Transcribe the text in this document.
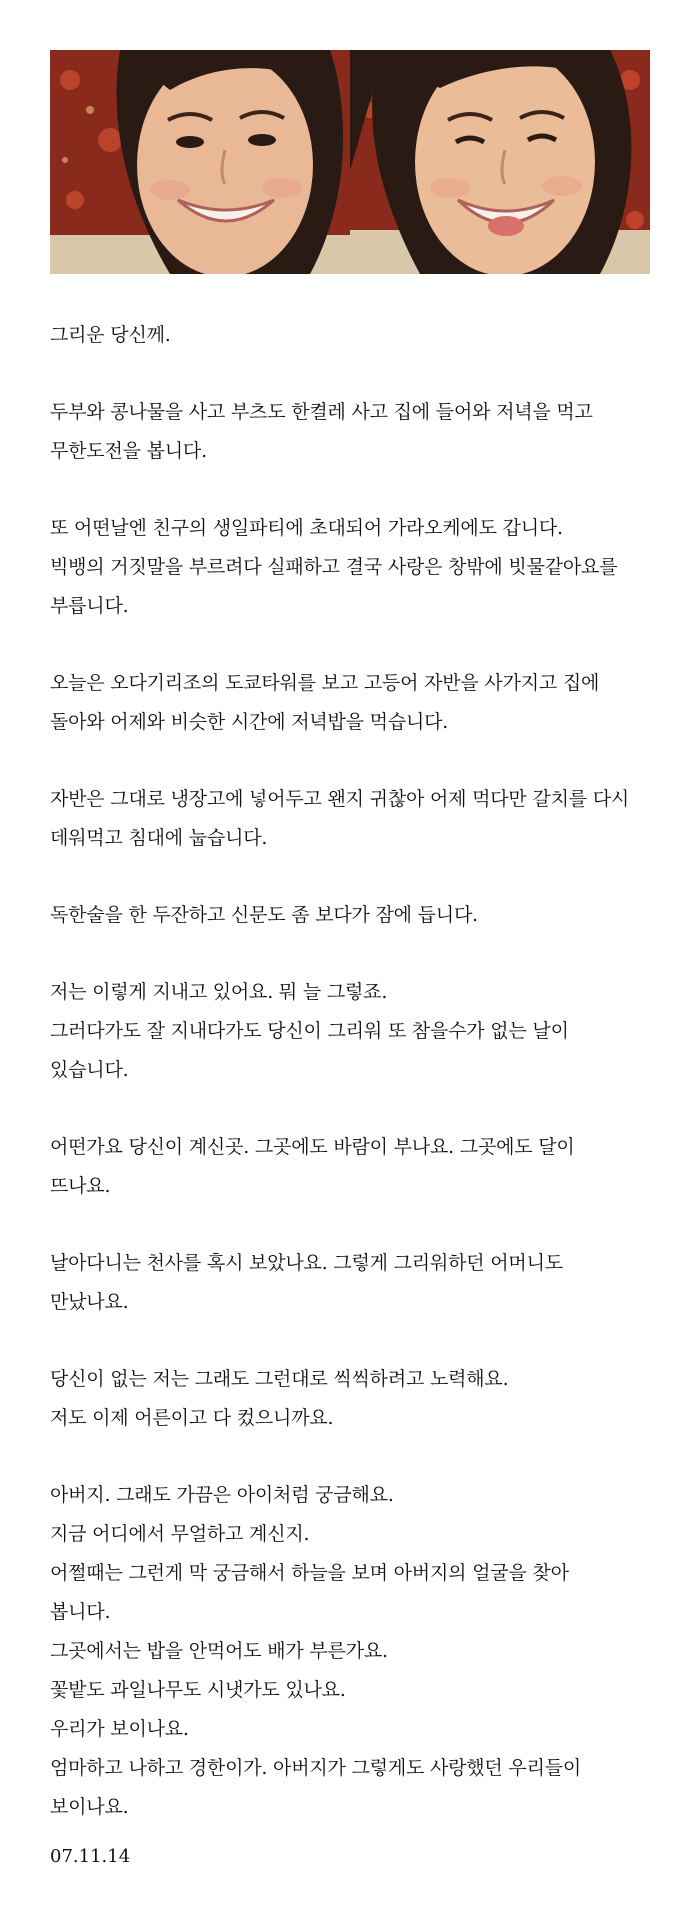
그리운 당신께.

두부와 콩나물을 사고 부츠도 한켤레 사고 집에 들어와 저녁을 먹고
무한도전을 봅니다.

또 어떤날엔 친구의 생일파티에 초대되어 가라오케에도 갑니다.
빅뱅의 거짓말을 부르려다 실패하고 결국 사랑은 창밖에 빗물같아요를
부릅니다.

오늘은 오다기리조의 도쿄타워를 보고 고등어 자반을 사가지고 집에
돌아와 어제와 비슷한 시간에 저녁밥을 먹습니다.

자반은 그대로 냉장고에 넣어두고 왠지 귀찮아 어제 먹다만 갈치를 다시
데워먹고 침대에 눕습니다.

독한술을 한 두잔하고 신문도 좀 보다가 잠에 듭니다.

저는 이렇게 지내고 있어요. 뭐 늘 그렇죠.
그러다가도 잘 지내다가도 당신이 그리워 또 참을수가 없는 날이
있습니다.

어떤가요 당신이 계신곳. 그곳에도 바람이 부나요. 그곳에도 달이
뜨나요.

날아다니는 천사를 혹시 보았나요. 그렇게 그리워하던 어머니도
만났나요.

당신이 없는 저는 그래도 그런대로 씩씩하려고 노력해요.
저도 이제 어른이고 다 컸으니까요.

아버지. 그래도 가끔은 아이처럼 궁금해요.
지금 어디에서 무얼하고 계신지.
어쩔때는 그런게 막 궁금해서 하늘을 보며 아버지의 얼굴을 찾아
봅니다.
그곳에서는 밥을 안먹어도 배가 부른가요.
꽃밭도 과일나무도 시냇가도 있나요.
우리가 보이나요.
엄마하고 나하고 경한이가. 아버지가 그렇게도 사랑했던 우리들이
보이나요.

07.11.14
